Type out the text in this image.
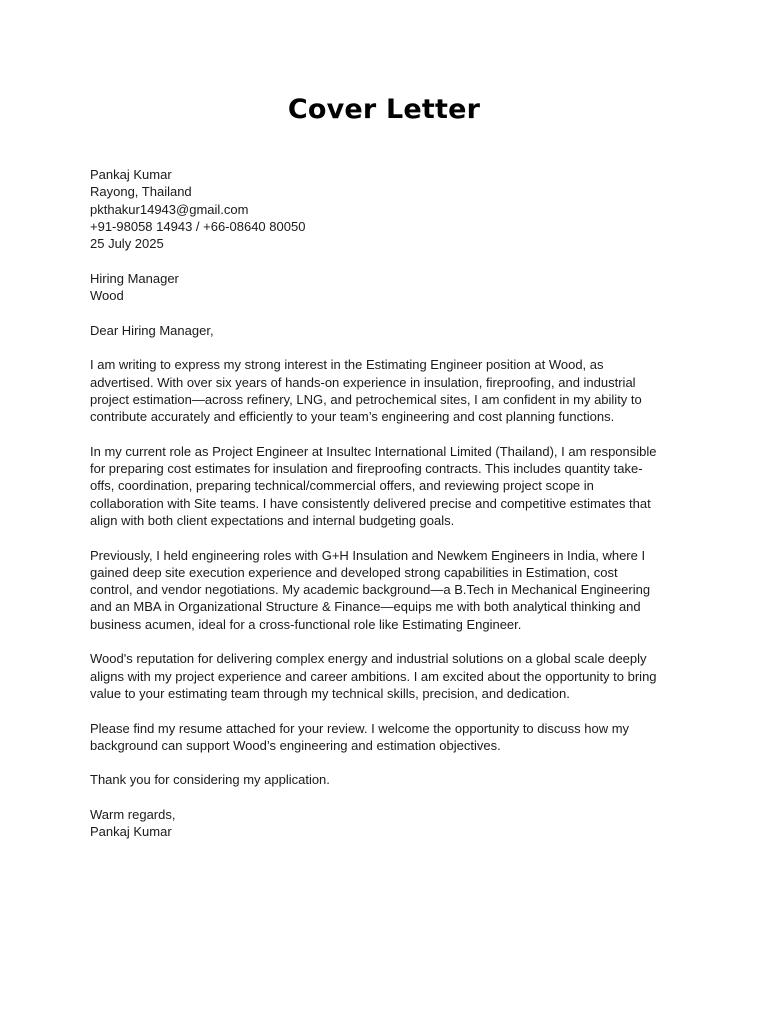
Cover Letter
Pankaj Kumar
Rayong, Thailand
pkthakur14943@gmail.com
+91-98058 14943 / +66-08640 80050
25 July 2025
Hiring Manager
Wood

Dear Hiring Manager,

I am writing to express my strong interest in the Estimating Engineer position at Wood, as
advertised. With over six years of hands-on experience in insulation, fireproofing, and industrial
project estimation—across refinery, LNG, and petrochemical sites, I am confident in my ability to
contribute accurately and efficiently to your team’s engineering and cost planning functions.

In my current role as Project Engineer at Insultec International Limited (Thailand), I am responsible
for preparing cost estimates for insulation and fireproofing contracts. This includes quantity take-
offs, coordination, preparing technical/commercial offers, and reviewing project scope in
collaboration with Site teams. I have consistently delivered precise and competitive estimates that
align with both client expectations and internal budgeting goals.

Previously, I held engineering roles with G+H Insulation and Newkem Engineers in India, where I
gained deep site execution experience and developed strong capabilities in Estimation, cost
control, and vendor negotiations. My academic background—a B.Tech in Mechanical Engineering
and an MBA in Organizational Structure & Finance—equips me with both analytical thinking and
business acumen, ideal for a cross-functional role like Estimating Engineer.

Wood's reputation for delivering complex energy and industrial solutions on a global scale deeply
aligns with my project experience and career ambitions. I am excited about the opportunity to bring
value to your estimating team through my technical skills, precision, and dedication.

Please find my resume attached for your review. I welcome the opportunity to discuss how my
background can support Wood’s engineering and estimation objectives.

Thank you for considering my application.

Warm regards,
Pankaj Kumar
